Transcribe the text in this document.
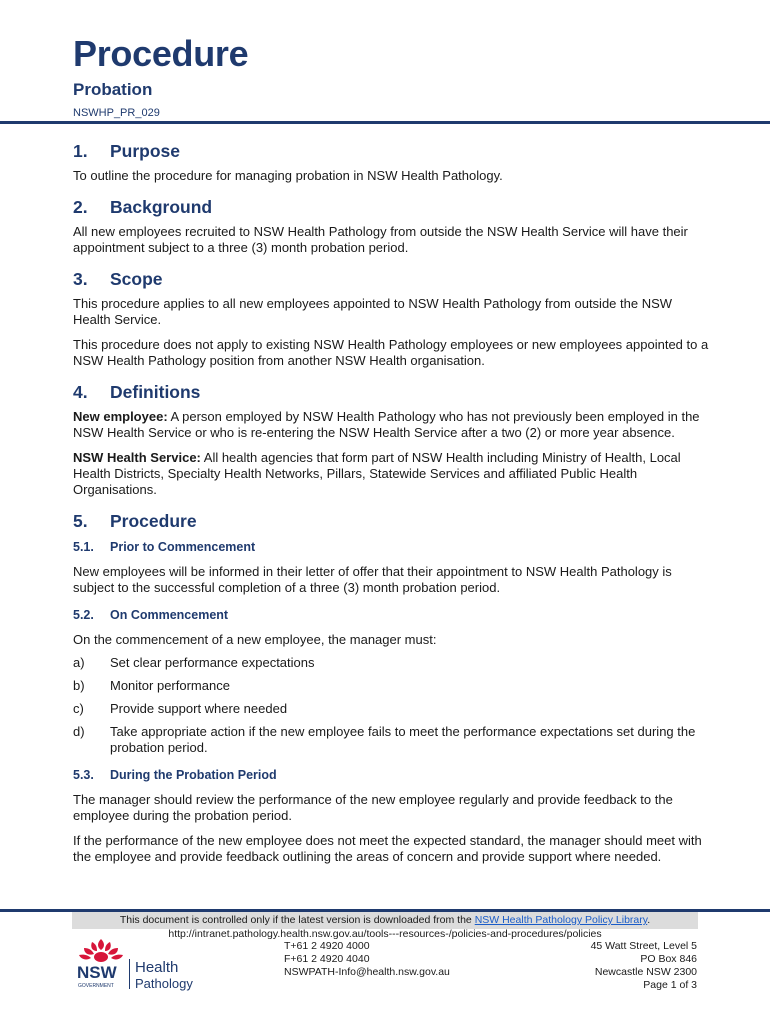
Procedure
Probation
NSWHP_PR_029
1. Purpose

To outline the procedure for managing probation in NSW Health Pathology.

2. Background

All new employees recruited to NSW Health Pathology from outside the NSW Health Service will have their appointment subject to a three (3) month probation period.

3. Scope

This procedure applies to all new employees appointed to NSW Health Pathology from outside the NSW Health Service.

This procedure does not apply to existing NSW Health Pathology employees or new employees appointed to a NSW Health Pathology position from another NSW Health organisation.

4. Definitions

New employee: A person employed by NSW Health Pathology who has not previously been employed in the NSW Health Service or who is re-entering the NSW Health Service after a two (2) or more year absence.

NSW Health Service: All health agencies that form part of NSW Health including Ministry of Health, Local Health Districts, Specialty Health Networks, Pillars, Statewide Services and affiliated Public Health Organisations.

5. Procedure
5.1. Prior to Commencement

New employees will be informed in their letter of offer that their appointment to NSW Health Pathology is subject to the successful completion of a three (3) month probation period.

5.2. On Commencement

On the commencement of a new employee, the manager must:

a)	Set clear performance expectations
b)	Monitor performance
c)	Provide support where needed
d)	Take appropriate action if the new employee fails to meet the performance expectations set during the probation period.
5.3. During the Probation Period

The manager should review the performance of the new employee regularly and provide feedback to the employee during the probation period.

If the performance of the new employee does not meet the expected standard, the manager should meet with the employee and provide feedback outlining the areas of concern and provide support where needed.

This document is controlled only if the latest version is downloaded from the NSW Health Pathology Policy Library.
http://intranet.pathology.health.nsw.gov.au/tools---resources-/policies-and-procedures/policies
T+61 2 4920 4000
F+61 2 4920 4040
NSWPATH-Info@health.nsw.gov.au
45 Watt Street, Level 5
PO Box 846
Newcastle NSW 2300
Page 1 of 3
NSW
GOVERNMENT
Health
Pathology
